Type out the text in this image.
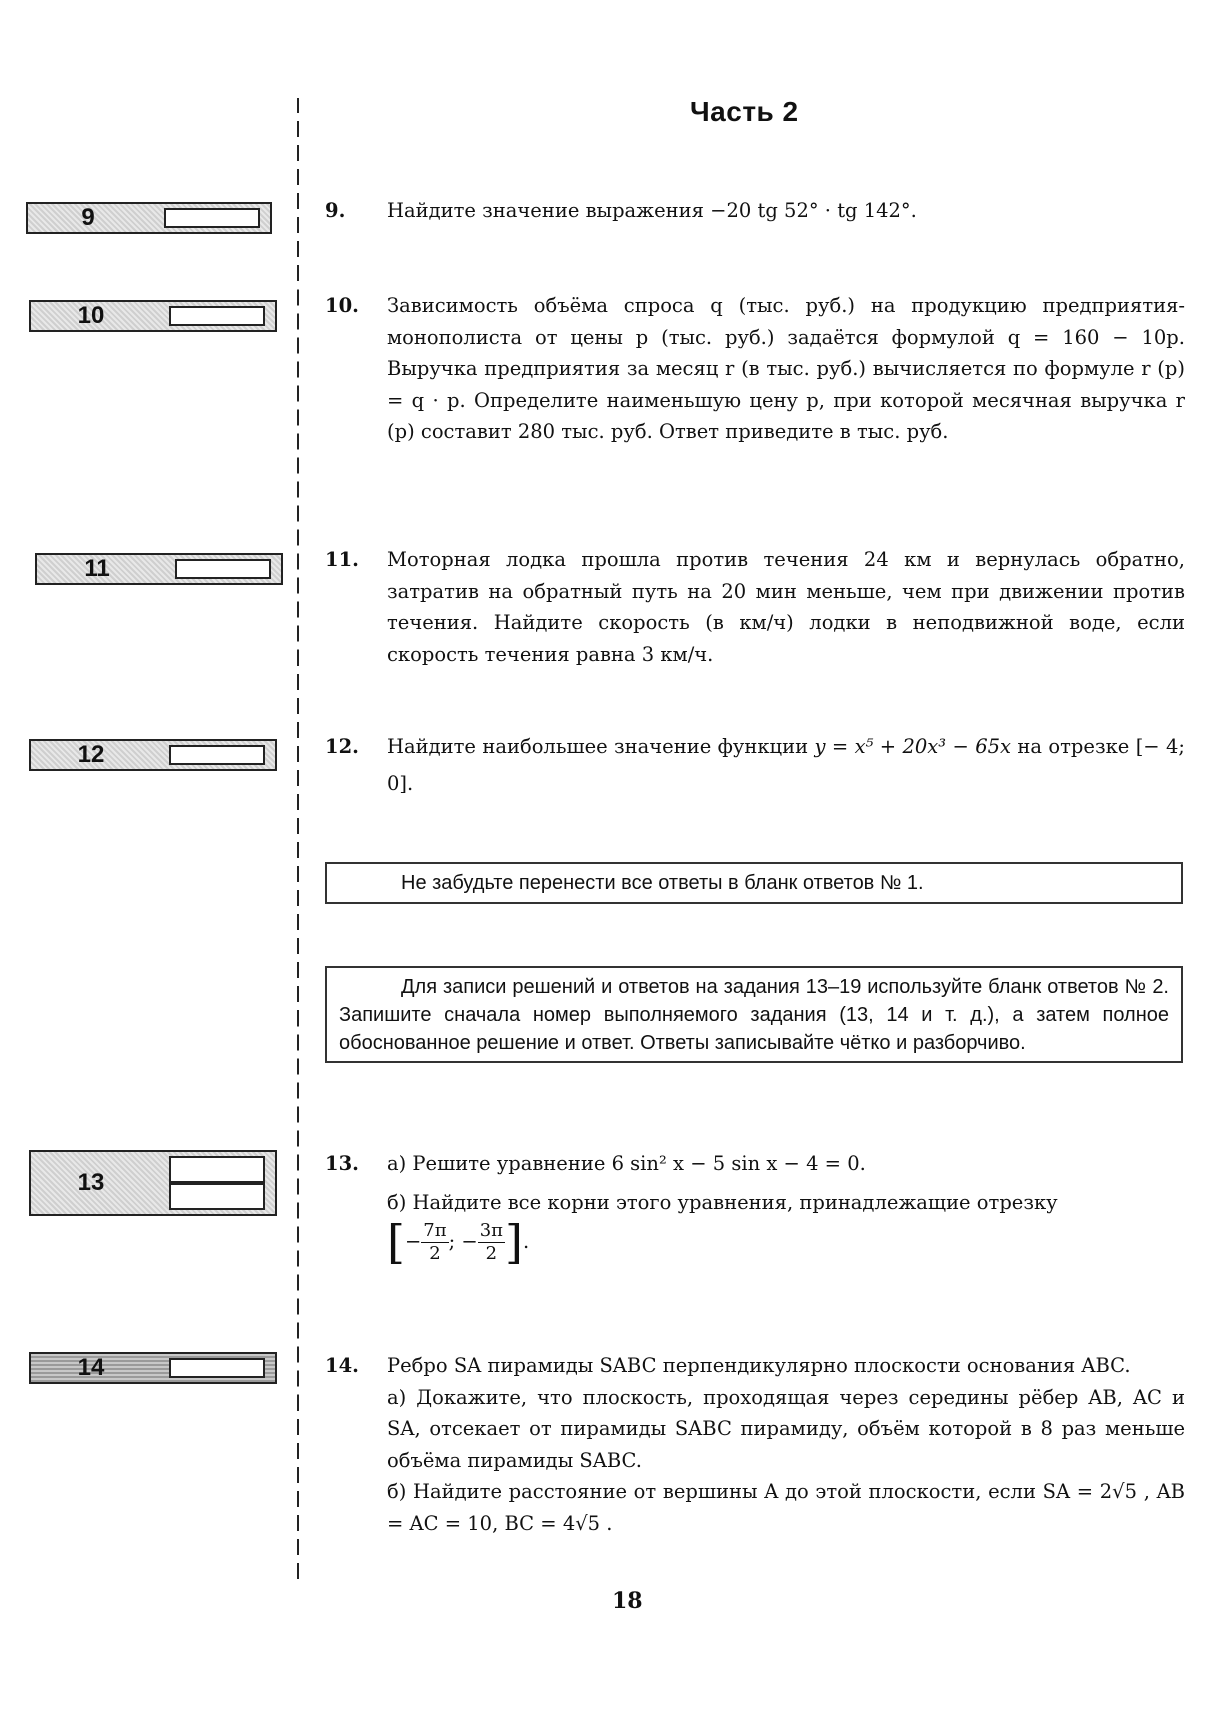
Часть 2
9
10
11
12
13
14
9. Найдите значение выражения −20 tg 52° · tg 142°.
10. Зависимость объёма спроса q (тыс. руб.) на продукцию предприятия-монополиста от цены p (тыс. руб.) задаётся формулой q = 160 − 10p. Выручка предприятия за месяц r (в тыс. руб.) вычисляется по формуле r (p) = q · p. Определите наименьшую цену p, при которой месячная выручка r (p) составит 280 тыс. руб. Ответ приведите в тыс. руб.
11. Моторная лодка прошла против течения 24 км и вернулась обратно, затратив на обратный путь на 20 мин меньше, чем при движении против течения. Найдите скорость (в км/ч) лодки в неподвижной воде, если скорость течения равна 3 км/ч.
12. Найдите наибольшее значение функции y = x⁵ + 20x³ − 65x на отрезке [− 4; 0].
Не забудьте перенести все ответы в бланк ответов № 1.
Для записи решений и ответов на задания 13–19 используйте бланк ответов № 2. Запишите сначала номер выполняемого задания (13, 14 и т. д.), а затем полное обоснованное решение и ответ. Ответы записывайте чётко и разборчиво.
13. а) Решите уравнение 6 sin² x − 5 sin x − 4 = 0.

б) Найдите все корни этого уравнения, принадлежащие отрезку

[− $\frac{7\pi}{2}$ ; − $\frac{3\pi}{2}$ ].

14. Ребро SA пирамиды SABC перпендикулярно плоскости основания ABC.

а) Докажите, что плоскость, проходящая через середины рёбер AB, AC и SA, отсекает от пирамиды SABC пирамиду, объём которой в 8 раз меньше объёма пирамиды SABC.

б) Найдите расстояние от вершины A до этой плоскости, если SA = 2√5 , AB = AC = 10, BC = 4√5 .

18
